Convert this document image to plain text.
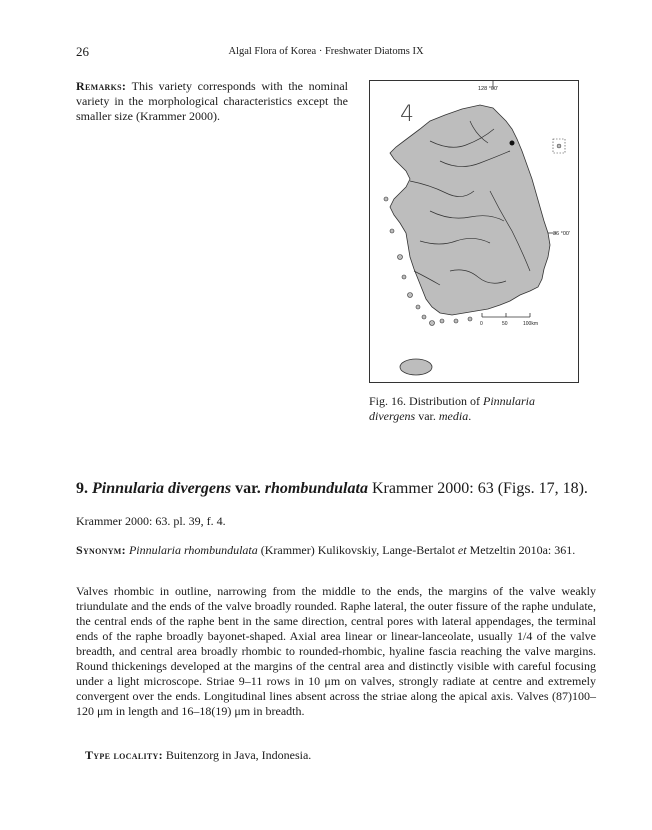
26	Algal Flora of Korea · Freshwater Diatoms IX
Remarks: This variety corresponds with the nominal variety in the morphological characteristics except the smaller size (Krammer 2000).
128 °00'
4
36 °00'
0	50	100km
Fig. 16. Distribution of Pinnularia divergens var. media.
9. Pinnularia divergens var. rhombundulata Krammer 2000: 63 (Figs. 17, 18).
Krammer 2000: 63. pl. 39, f. 4.
Synonym: Pinnularia rhombundulata (Krammer) Kulikovskiy, Lange-Bertalot et Metzeltin 2010a: 361.
Valves rhombic in outline, narrowing from the middle to the ends, the margins of the valve weakly triundulate and the ends of the valve broadly rounded. Raphe lateral, the outer fissure of the raphe undulate, the central ends of the raphe bent in the same direction, central pores with lateral appendages, the terminal ends of the raphe broadly bayonet-shaped. Axial area linear or linear-lanceolate, usually 1/4 of the valve breadth, and central area broadly rhombic to rounded-rhombic, hyaline fascia reaching the valve margins. Round thickenings developed at the margins of the central area and distinctly visible with careful focusing under a light microscope. Striae 9–11 rows in 10 μm on valves, strongly radiate at centre and extremely convergent over the ends. Longitudinal lines absent across the striae along the apical axis. Valves (87)100–120 μm in length and 16–18(19) μm in breadth.
Type locality: Buitenzorg in Java, Indonesia.
